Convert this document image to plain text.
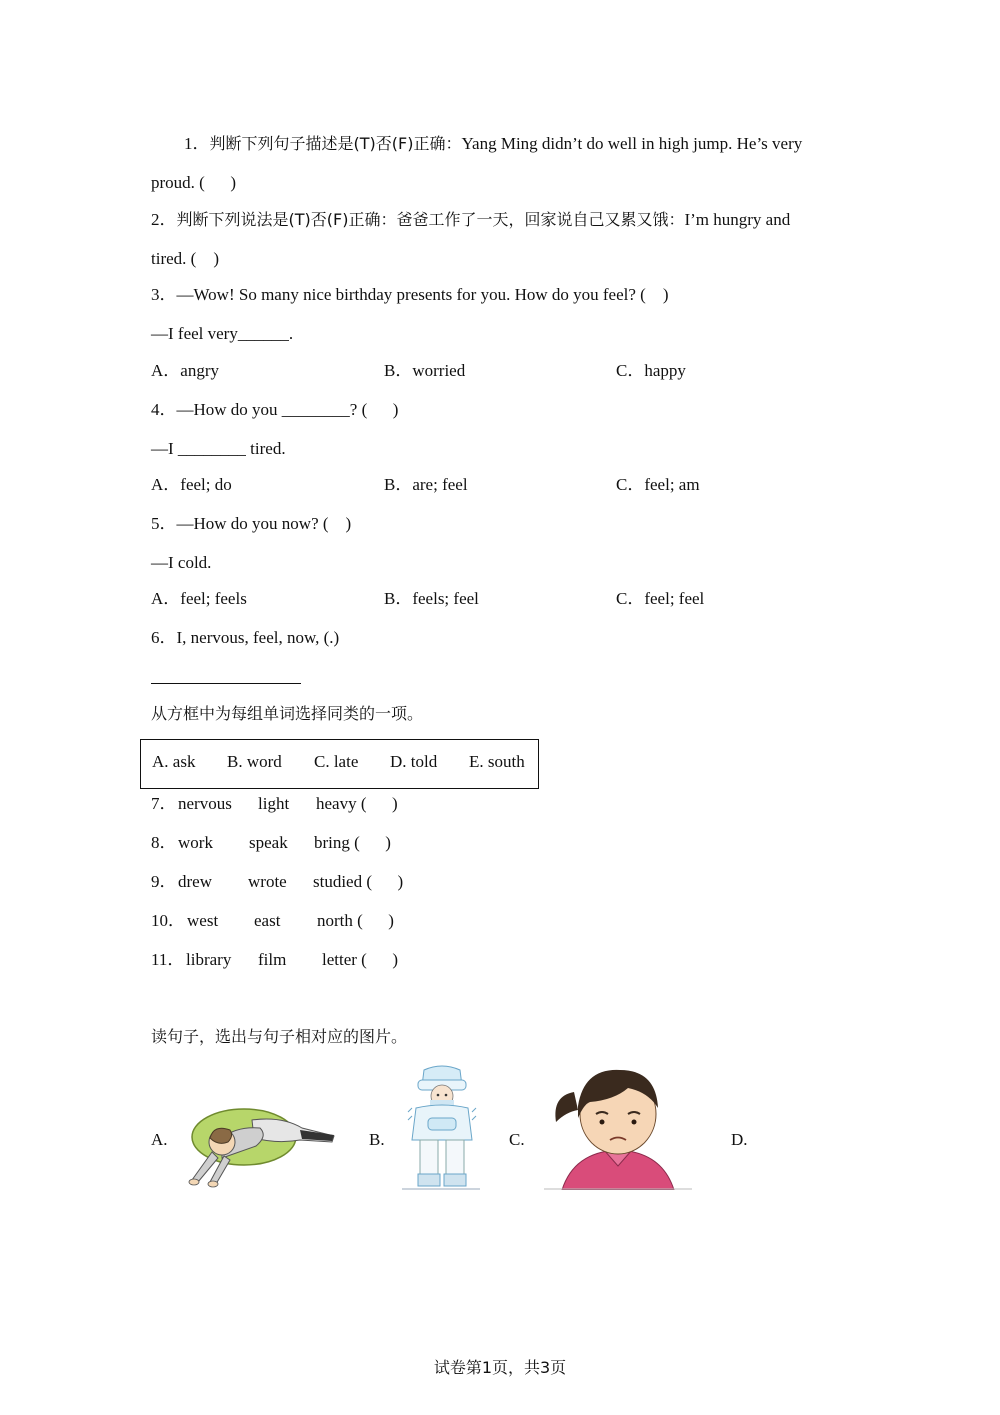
1．判断下列句子描述是(T)否(F)正确：Yang Ming didn’t do well in high jump. He’s very
proud. (      )
2．判断下列说法是(T)否(F)正确：爸爸工作了一天，回家说自己又累又饿：I’m hungry and
tired. (    )
3．—Wow! So many nice birthday presents for you. How do you feel? (    )
—I feel very______.
A．angry	B．worried	C．happy
4．—How do you ________? (      )
—I ________ tired.
A．feel; do	B．are; feel	C．feel; am
5．—How do you now? (    )
—I cold.
A．feel; feels	B．feels; feel	C．feel; feel
6．I, nervous, feel, now, (.)
从方框中为每组单词选择同类的一项。
A. ask B. word C. late D. told E. south
7． nervous light heavy (      )
8． work speak bring (      )
9． drew wrote studied (      )
10． west east north (      )
11． library film letter (      )
读句子，选出与句子相对应的图片。
A.	B.	C.	D.
试卷第1页，共3页
